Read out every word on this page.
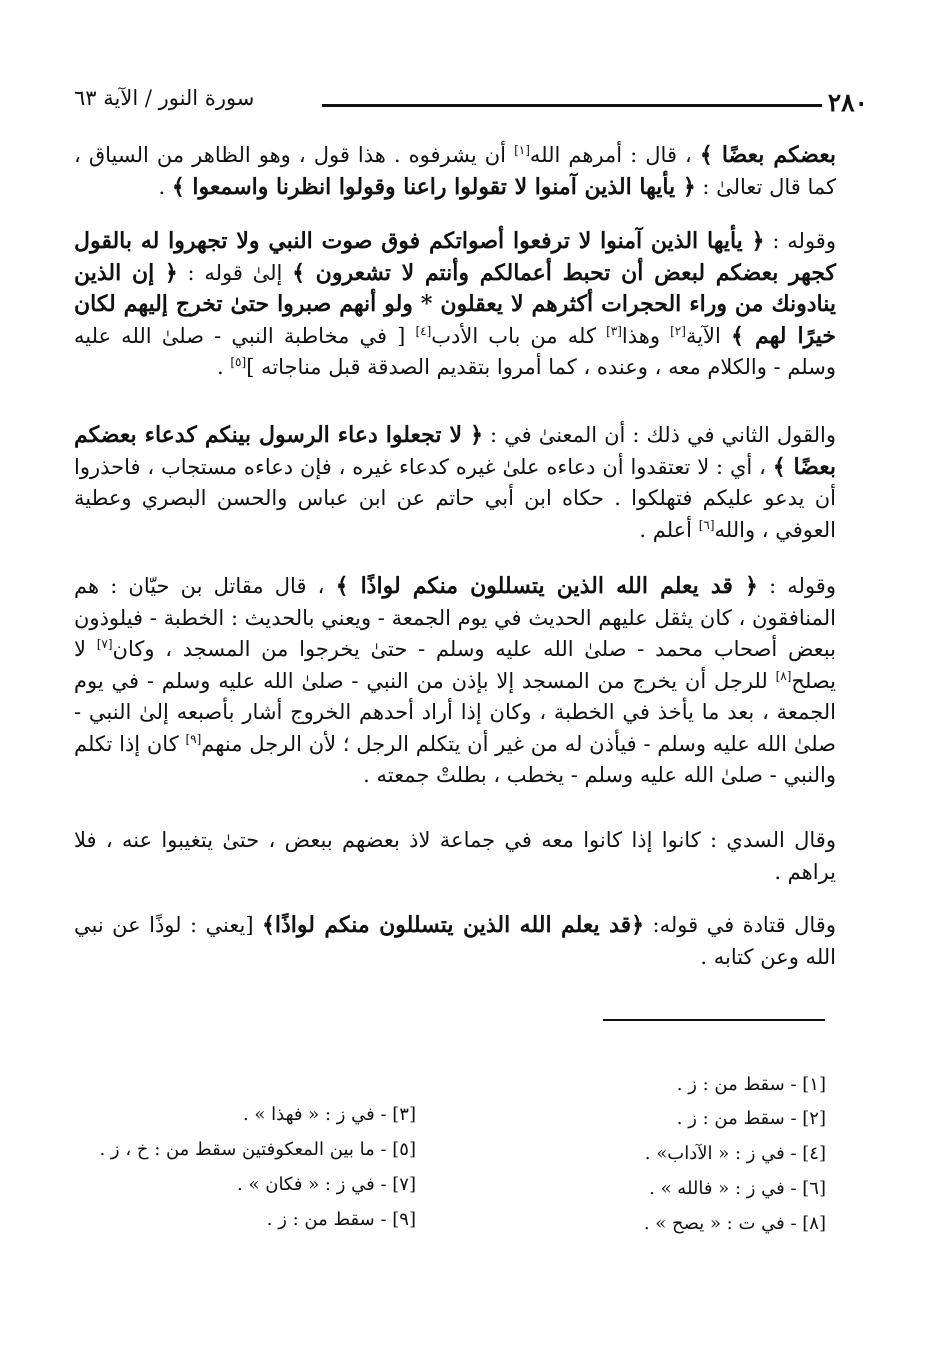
٢٨٠
سورة النور / الآية ٦٣

بعضكم بعضًا ﴾ ، قال : أمرهم الله[١] أن يشرفوه . هذا قول ، وهو الظاهر من السياق ، كما قال تعالىٰ : ﴿ يأيها الذين آمنوا لا تقولوا راعنا وقولوا انظرنا واسمعوا ﴾ .

وقوله : ﴿ يأيها الذين آمنوا لا ترفعوا أصواتكم فوق صوت النبي ولا تجهروا له بالقول كجهر بعضكم لبعض أن تحبط أعمالكم وأنتم لا تشعرون ﴾ إلىٰ قوله : ﴿ إن الذين ينادونك من وراء الحجرات أكثرهم لا يعقلون * ولو أنهم صبروا حتىٰ تخرج إليهم لكان خيرًا لهم ﴾ الآية[٢] وهذا[٣] كله من باب الأدب[٤] [ في مخاطبة النبي - صلىٰ الله عليه وسلم - والكلام معه ، وعنده ، كما أمروا بتقديم الصدقة قبل مناجاته ][٥] .

والقول الثاني في ذلك : أن المعنىٰ في : ﴿ لا تجعلوا دعاء الرسول بينكم كدعاء بعضكم بعضًا ﴾ ، أي : لا تعتقدوا أن دعاءه علىٰ غيره كدعاء غيره ، فإن دعاءه مستجاب ، فاحذروا أن يدعو عليكم فتهلكوا . حكاه ابن أبي حاتم عن ابن عباس والحسن البصري وعطية العوفي ، والله[٦] أعلم .

وقوله : ﴿ قد يعلم الله الذين يتسللون منكم لواذًا ﴾ ، قال مقاتل بن حيّان : هم المنافقون ، كان يثقل عليهم الحديث في يوم الجمعة - ويعني بالحديث : الخطبة - فيلوذون ببعض أصحاب محمد - صلىٰ الله عليه وسلم - حتىٰ يخرجوا من المسجد ، وكان[٧] لا يصلح[٨] للرجل أن يخرج من المسجد إلا بإذن من النبي - صلىٰ الله عليه وسلم - في يوم الجمعة ، بعد ما يأخذ في الخطبة ، وكان إذا أراد أحدهم الخروج أشار بأصبعه إلىٰ النبي - صلىٰ الله عليه وسلم - فيأذن له من غير أن يتكلم الرجل ؛ لأن الرجل منهم[٩] كان إذا تكلم والنبي - صلىٰ الله عليه وسلم - يخطب ، بطلتْ جمعته .

وقال السدي : كانوا إذا كانوا معه في جماعة لاذ بعضهم ببعض ، حتىٰ يتغيبوا عنه ، فلا يراهم .

وقال قتادة في قوله: ﴿قد يعلم الله الذين يتسللون منكم لواذًا﴾ [يعني : لوذًا عن نبي الله وعن كتابه .

[١] - سقط من : ز .
[٢] - سقط من : ز .
[٤] - في ز : « الآداب» .
[٦] - في ز : « فالله » .
[٨] - في ت : « يصح » .
[٣] - في ز : « فهذا » .
[٥] - ما بين المعكوفتين سقط من : خ ، ز .
[٧] - في ز : « فكان » .
[٩] - سقط من : ز .
